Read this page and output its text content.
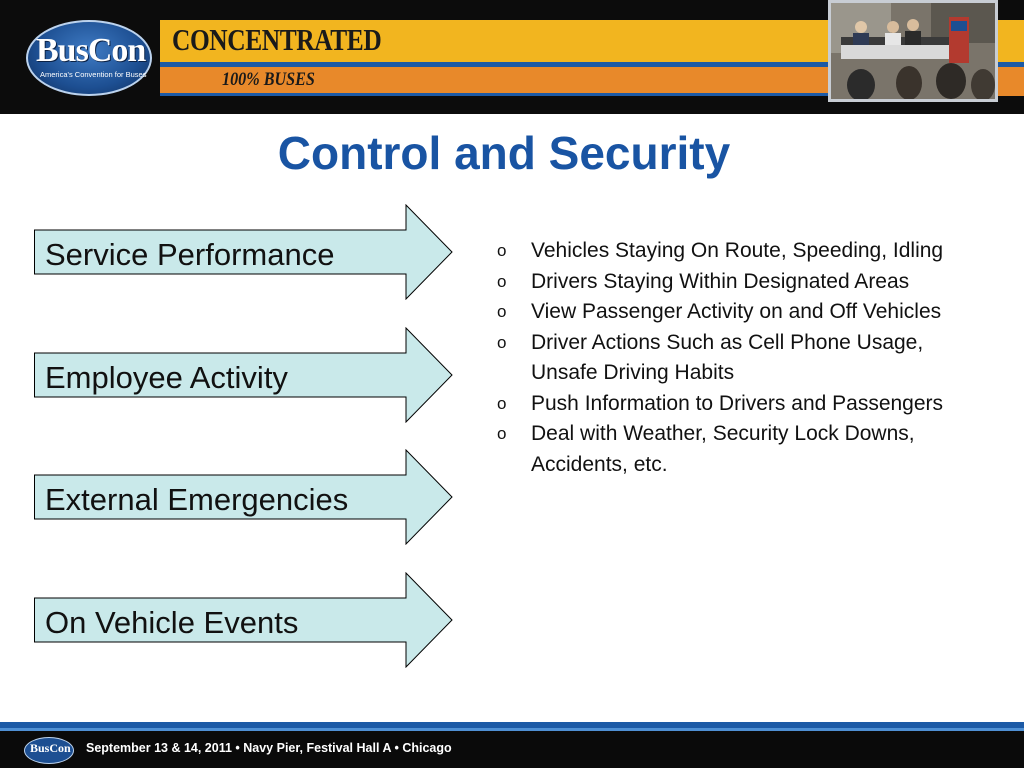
BusCon
America's Convention for Buses
CONCENTRATED
100% BUSES
Control and Security
Service Performance
Employee Activity
External Emergencies
On Vehicle Events
o Vehicles Staying On Route, Speeding, Idling
o Drivers Staying Within Designated Areas
o View Passenger Activity on and Off Vehicles
o Driver Actions Such as Cell Phone Usage, Unsafe Driving Habits
o Push Information to Drivers and Passengers
o Deal with Weather, Security Lock Downs, Accidents, etc.
BusCon September 13 & 14, 2011 • Navy Pier, Festival Hall A • Chicago
